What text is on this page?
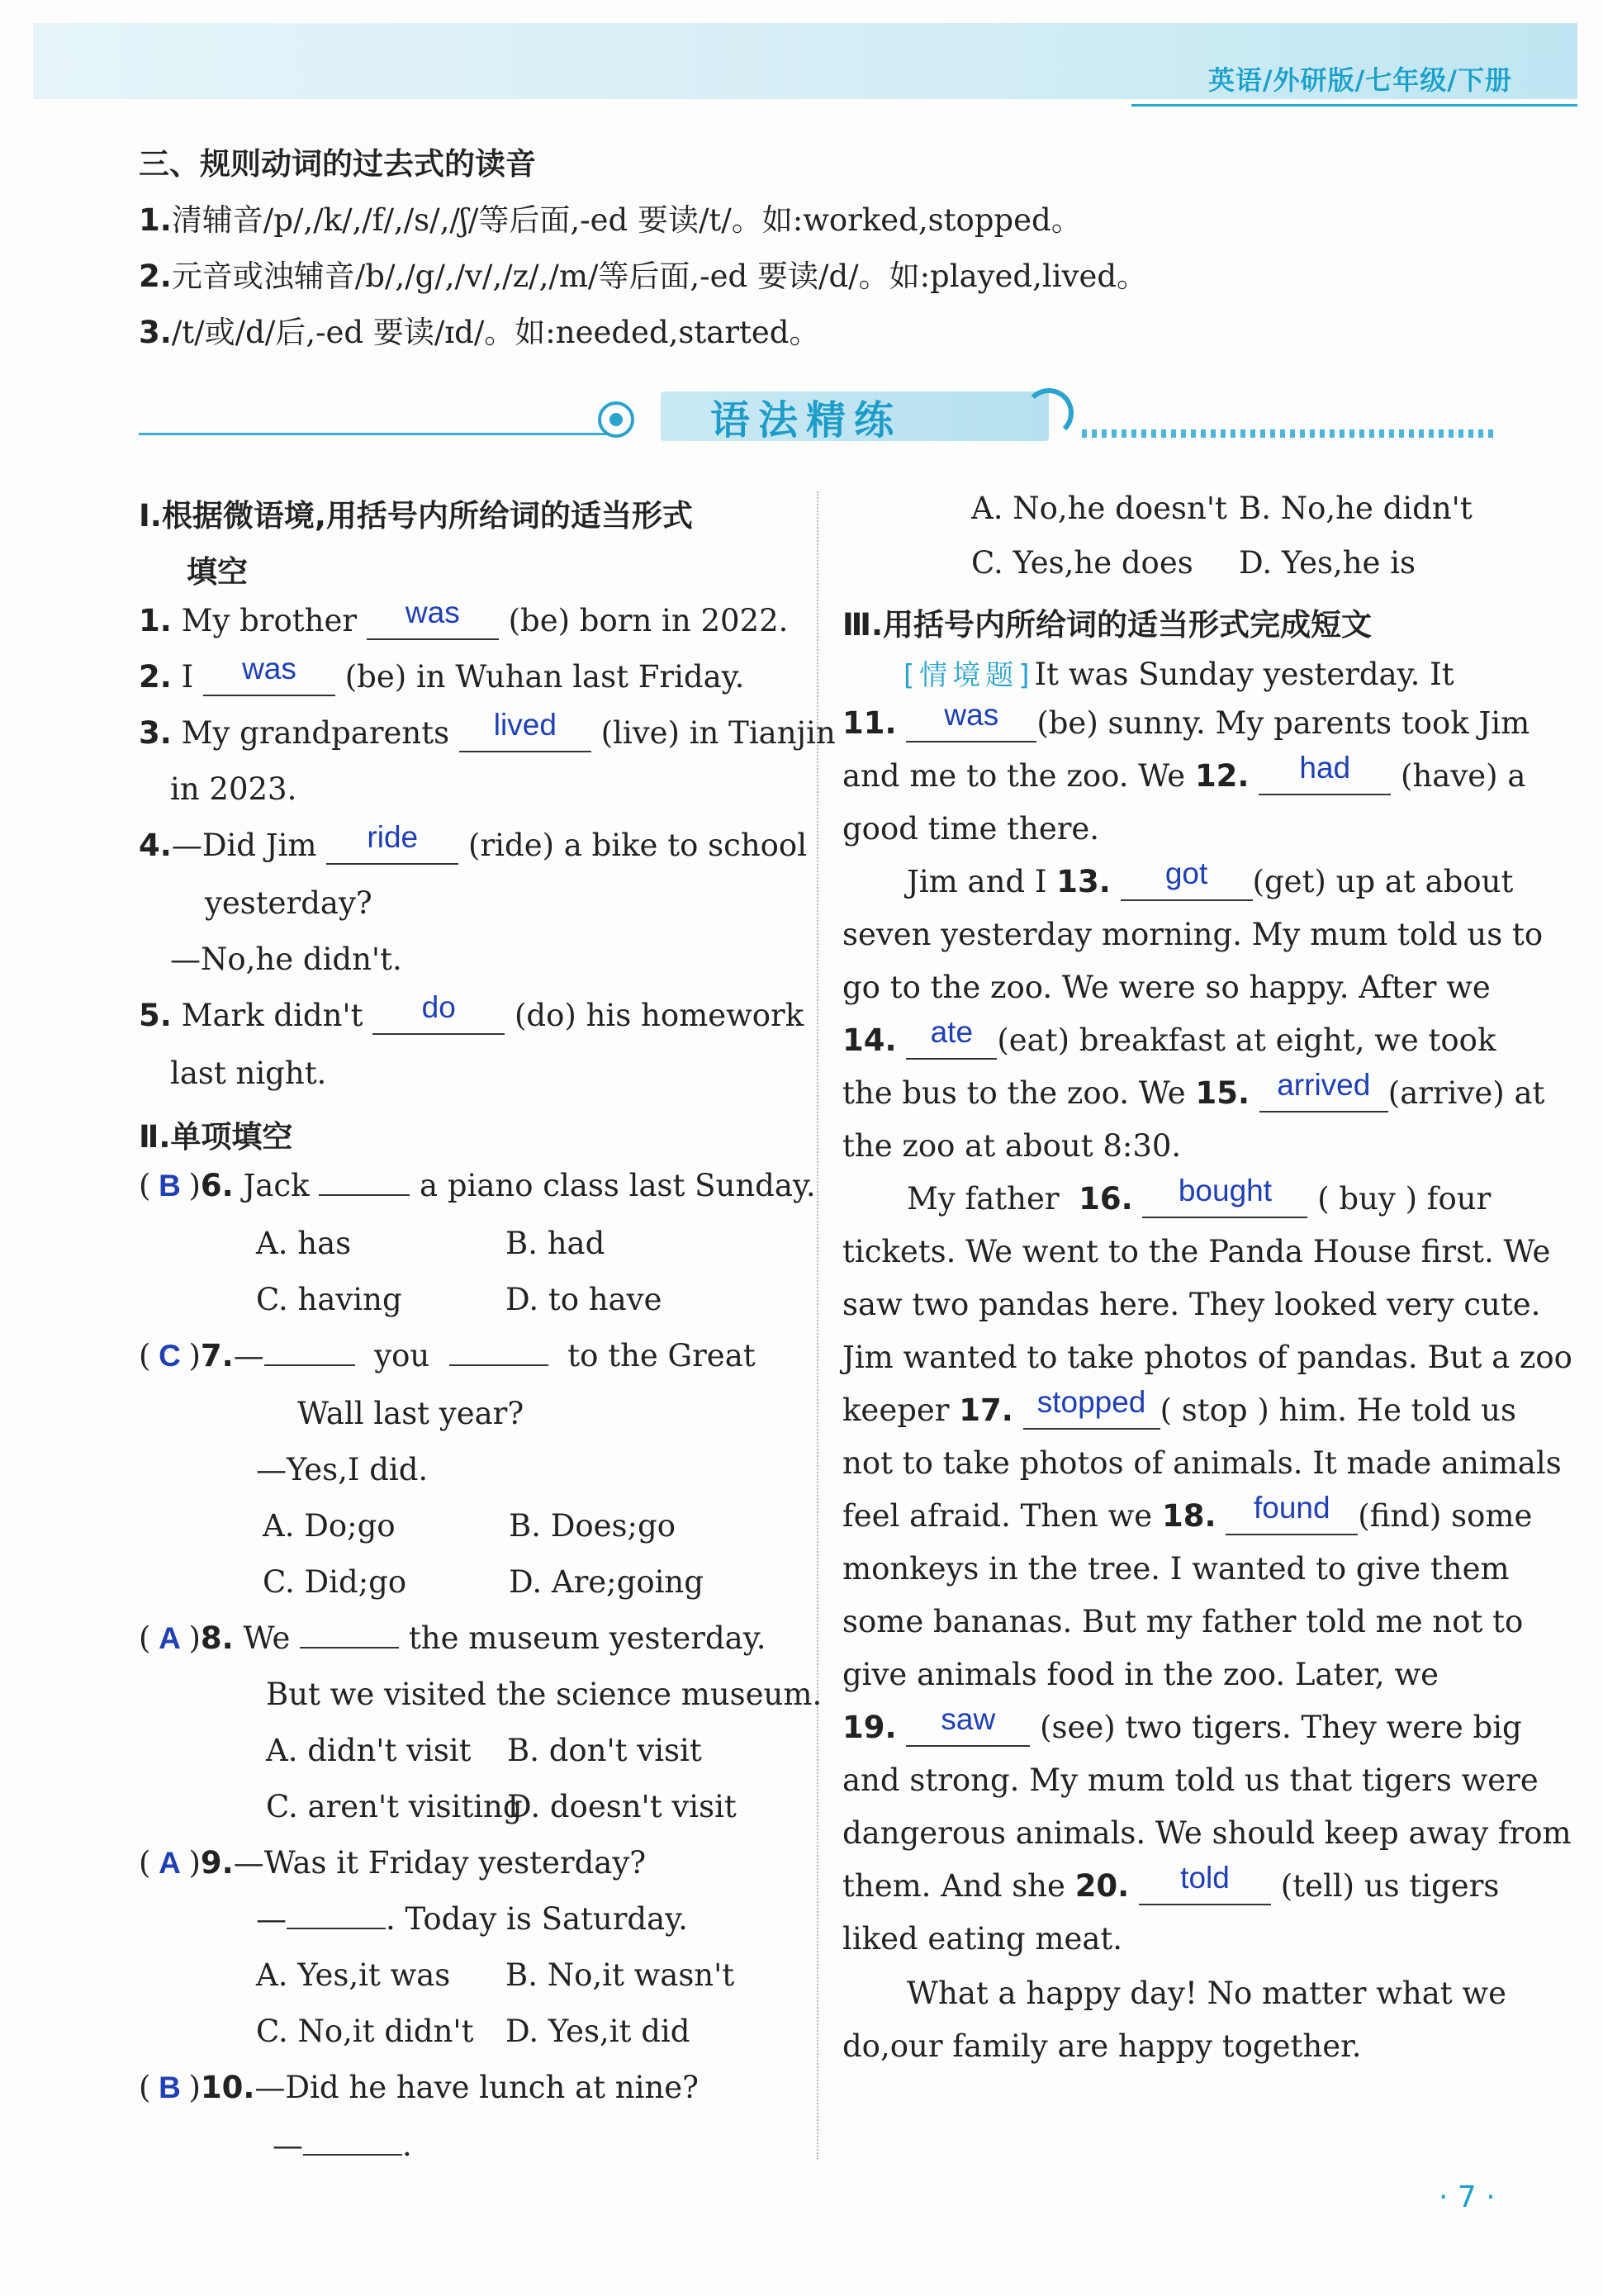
英语/外研版/七年级/下册
三、规则动词的过去式的读音
1.清辅音/p/,/k/,/f/,/s/,/ʃ/等后面,-ed 要读/t/。如:worked,stopped。
2.元音或浊辅音/b/,/g/,/v/,/z/,/m/等后面,-ed 要读/d/。如:played,lived。
3./t/或/d/后,-ed 要读/ɪd/。如:needed,started。
语法精练
Ⅰ.根据微语境,用括号内所给词的适当形式
填空
1. My brother was (be) born in 2022.
2. I was (be) in Wuhan last Friday.
3. My grandparents lived (live) in Tianjin
in 2023.
4.—Did Jim ride (ride) a bike to school
yesterday?
—No,he didn't.
5. Mark didn't do (do) his homework
last night.
Ⅱ.单项填空
( B )6. Jack	a piano class last Sunday.
A. has	B. had
C. having	D. to have
( C )7.—	you	to the Great
Wall last year?
—Yes,I did.
A. Do;go	B. Does;go
C. Did;go	D. Are;going
( A )8. We	the museum yesterday.
But we visited the science museum.
A. didn't visit B. don't visit
C. aren't visiting
D. doesn't visit
( A )9.—Was it Friday yesterday?
—	. Today is Saturday.
A. Yes,it was B. No,it wasn't
C. No,it didn't D. Yes,it did
( B )10.—Did he have lunch at nine?
—	.
A. No,he doesn't B. No,he didn't
C. Yes,he does D. Yes,he is
Ⅲ.用括号内所给词的适当形式完成短文
[情境题]It was Sunday yesterday. It
11. was (be) sunny. My parents took Jim
and me to the zoo. We 12. had (have) a
good time there.
Jim and I 13. got (get) up at about
seven yesterday morning. My mum told us to
go to the zoo. We were so happy. After we
14. ate (eat) breakfast at eight, we took
the bus to the zoo. We 15. arrived (arrive) at
the zoo at about 8:30.
My father 16. bought ( buy ) four
tickets. We went to the Panda House first. We
saw two pandas here. They looked very cute.
Jim wanted to take photos of pandas. But a zoo
keeper 17. stopped ( stop ) him. He told us
not to take photos of animals. It made animals
feel afraid. Then we 18. found (find) some
monkeys in the tree. I wanted to give them
some bananas. But my father told me not to
give animals food in the zoo. Later, we
19. saw (see) two tigers. They were big
and strong. My mum told us that tigers were
dangerous animals. We should keep away from
them. And she 20. told (tell) us tigers
liked eating meat.
What a happy day! No matter what we
do,our family are happy together.
· 7 ·
